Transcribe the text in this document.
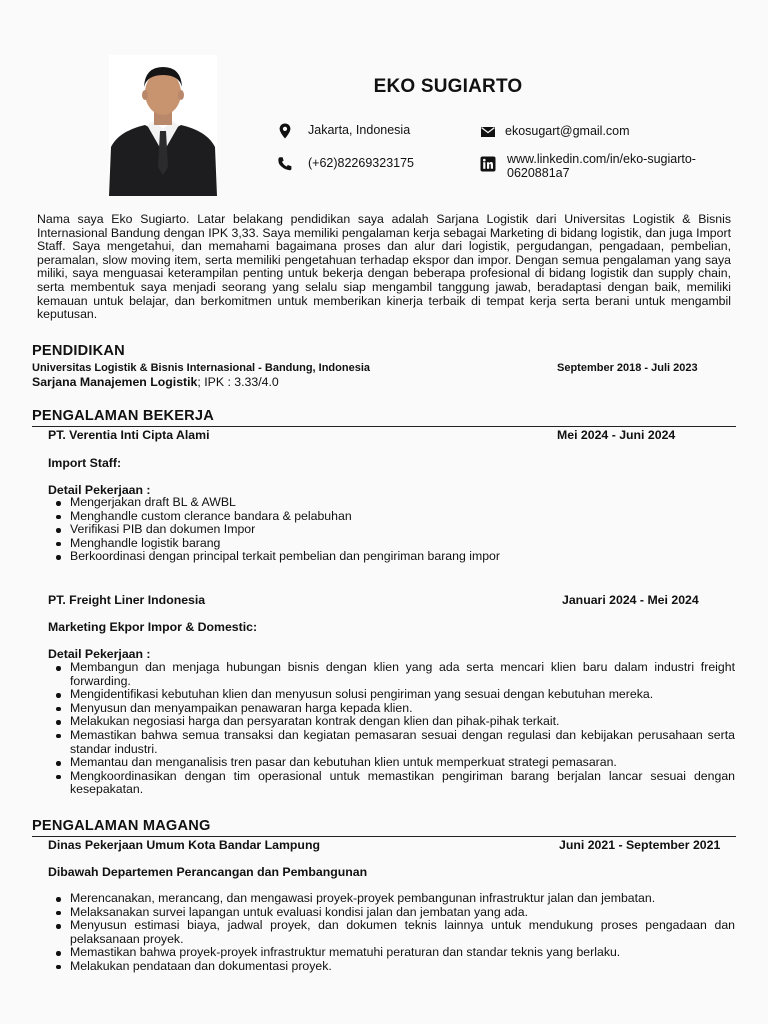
EKO SUGIARTO
Jakarta, Indonesia
(+62)82269323175
ekosugart@gmail.com
www.linkedin.com/in/eko-sugiarto-0620881a7
Nama saya Eko Sugiarto. Latar belakang pendidikan saya adalah Sarjana Logistik dari Universitas Logistik & Bisnis Internasional Bandung dengan IPK 3,33. Saya memiliki pengalaman kerja sebagai Marketing di bidang logistik, dan juga Import Staff. Saya mengetahui, dan memahami bagaimana proses dan alur dari logistik, pergudangan, pengadaan, pembelian, peramalan, slow moving item, serta memiliki pengetahuan terhadap ekspor dan impor. Dengan semua pengalaman yang saya miliki, saya menguasai keterampilan penting untuk bekerja dengan beberapa profesional di bidang logistik dan supply chain, serta membentuk saya menjadi seorang yang selalu siap mengambil tanggung jawab, beradaptasi dengan baik, memiliki kemauan untuk belajar, dan berkomitmen untuk memberikan kinerja terbaik di tempat kerja serta berani untuk mengambil keputusan.
PENDIDIKAN
Universitas Logistik & Bisnis Internasional - Bandung, Indonesia	September 2018 - Juli 2023
Sarjana Manajemen Logistik; IPK : 3.33/4.0
PENGALAMAN BEKERJA
PT. Verentia Inti Cipta Alami	Mei 2024 - Juni 2024
Import Staff:
Detail Pekerjaan :
Mengerjakan draft BL & AWBL
Menghandle custom clerance bandara & pelabuhan
Verifikasi PIB dan dokumen Impor
Menghandle logistik barang
Berkoordinasi dengan principal terkait pembelian dan pengiriman barang impor
PT. Freight Liner Indonesia	Januari 2024 - Mei 2024
Marketing Ekpor Impor & Domestic:
Detail Pekerjaan :
Membangun dan menjaga hubungan bisnis dengan klien yang ada serta mencari klien baru dalam industri freight forwarding.
Mengidentifikasi kebutuhan klien dan menyusun solusi pengiriman yang sesuai dengan kebutuhan mereka.
Menyusun dan menyampaikan penawaran harga kepada klien.
Melakukan negosiasi harga dan persyaratan kontrak dengan klien dan pihak-pihak terkait.
Memastikan bahwa semua transaksi dan kegiatan pemasaran sesuai dengan regulasi dan kebijakan perusahaan serta standar industri.
Memantau dan menganalisis tren pasar dan kebutuhan klien untuk memperkuat strategi pemasaran.
Mengkoordinasikan dengan tim operasional untuk memastikan pengiriman barang berjalan lancar sesuai dengan kesepakatan.
PENGALAMAN MAGANG
Dinas Pekerjaan Umum Kota Bandar Lampung	Juni 2021 - September 2021
Dibawah Departemen Perancangan dan Pembangunan
Merencanakan, merancang, dan mengawasi proyek-proyek pembangunan infrastruktur jalan dan jembatan.
Melaksanakan survei lapangan untuk evaluasi kondisi jalan dan jembatan yang ada.
Menyusun estimasi biaya, jadwal proyek, dan dokumen teknis lainnya untuk mendukung proses pengadaan dan pelaksanaan proyek.
Memastikan bahwa proyek-proyek infrastruktur mematuhi peraturan dan standar teknis yang berlaku.
Melakukan pendataan dan dokumentasi proyek.
